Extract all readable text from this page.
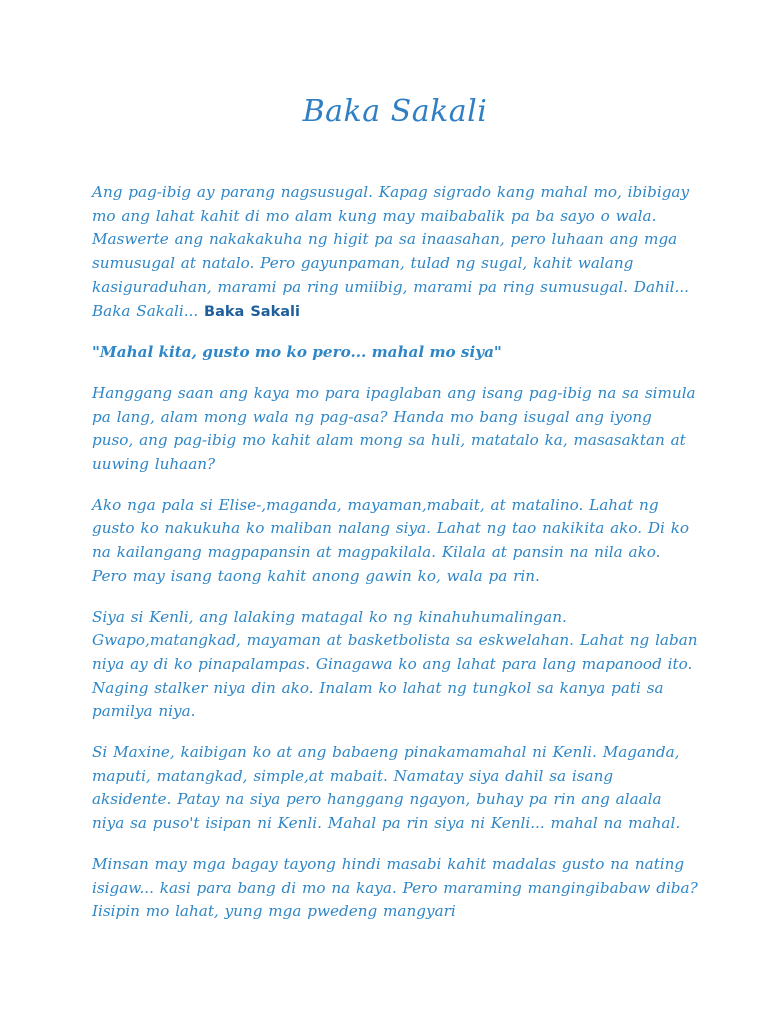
Baka Sakali

Ang pag-ibig ay parang nagsusugal. Kapag sigrado kang mahal mo, ibibigay mo ang lahat kahit di mo alam kung may maibabalik pa ba sayo o wala. Maswerte ang nakakakuha ng higit pa sa inaasahan, pero luhaan ang mga sumusugal at natalo. Pero gayunpaman, tulad ng sugal, kahit walang kasiguraduhan, marami pa ring umiibig, marami pa ring sumusugal. Dahil... Baka Sakali... Baka Sakali

"Mahal kita, gusto mo ko pero... mahal mo siya"

Hanggang saan ang kaya mo para ipaglaban ang isang pag-ibig na sa simula pa lang, alam mong wala ng pag-asa? Handa mo bang isugal ang iyong puso, ang pag-ibig mo kahit alam mong sa huli, matatalo ka, masasaktan at uuwing luhaan?

Ako nga pala si Elise-,maganda, mayaman,mabait, at matalino. Lahat ng gusto ko nakukuha ko maliban nalang siya. Lahat ng tao nakikita ako. Di ko na kailangang magpapansin at magpakilala. Kilala at pansin na nila ako. Pero may isang taong kahit anong gawin ko, wala pa rin.

Siya si Kenli, ang lalaking matagal ko ng kinahuhumalingan. Gwapo,matangkad, mayaman at basketbolista sa eskwelahan. Lahat ng laban niya ay di ko pinapalampas. Ginagawa ko ang lahat para lang mapanood ito. Naging stalker niya din ako. Inalam ko lahat ng tungkol sa kanya pati sa pamilya niya.

Si Maxine, kaibigan ko at ang babaeng pinakamamahal ni Kenli. Maganda, maputi, matangkad, simple,at mabait. Namatay siya dahil sa isang aksidente. Patay na siya pero hanggang ngayon, buhay pa rin ang alaala niya sa puso't isipan ni Kenli. Mahal pa rin siya ni Kenli... mahal na mahal.

Minsan may mga bagay tayong hindi masabi kahit madalas gusto na nating isigaw... kasi para bang di mo na kaya. Pero maraming mangingibabaw diba? Iisipin mo lahat, yung mga pwedeng mangyari
